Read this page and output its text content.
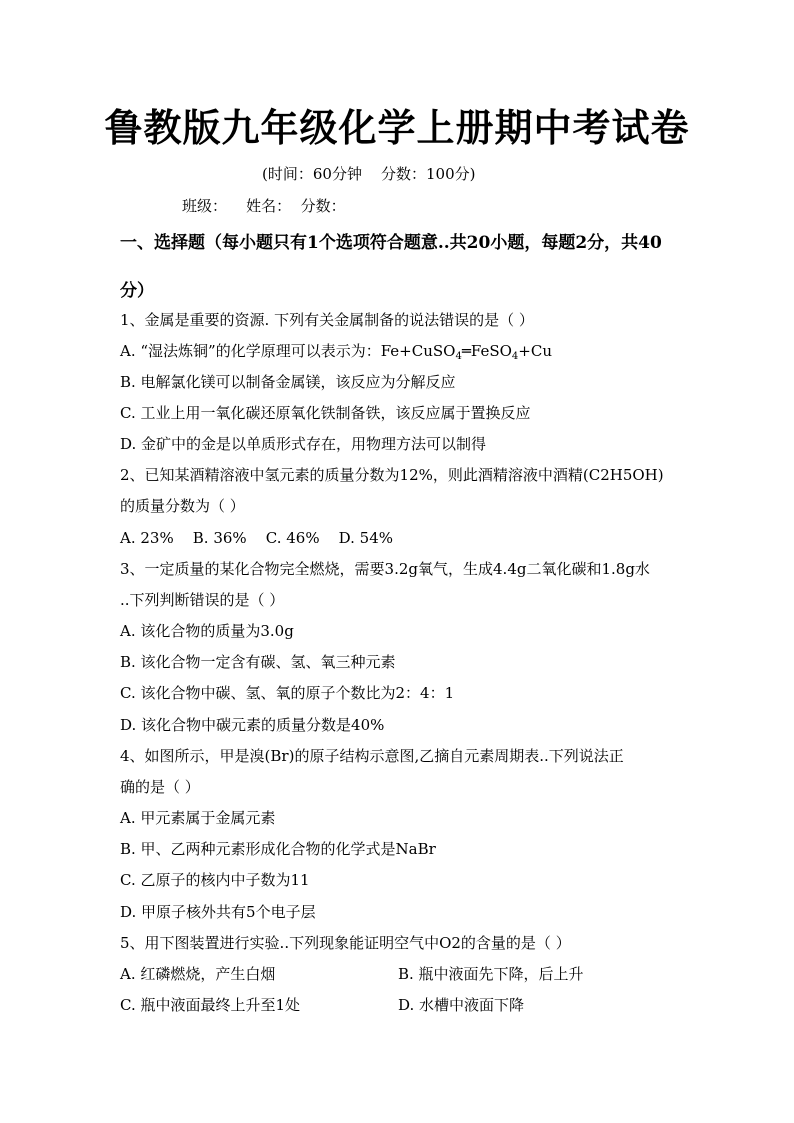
鲁教版九年级化学上册期中考试卷
(时间：60分钟    分数：100分)
班级：    姓名：  分数：
一、选择题（每小题只有1个选项符合题意..共20小题，每题2分，共40分）
1、金属是重要的资源. 下列有关金属制备的说法错误的是（ ）
A. “湿法炼铜”的化学原理可以表示为：Fe+CuSO$_4$═FeSO$_4$+Cu
B. 电解氯化镁可以制备金属镁，该反应为分解反应
C. 工业上用一氧化碳还原氧化铁制备铁，该反应属于置换反应
D. 金矿中的金是以单质形式存在，用物理方法可以制得
2、已知某酒精溶液中氢元素的质量分数为12%，则此酒精溶液中酒精(C2H5OH)
的质量分数为（ ）
A. 23%    B. 36%    C. 46%    D. 54%
3、一定质量的某化合物完全燃烧，需要3.2g氧气，生成4.4g二氧化碳和1.8g水
..下列判断错误的是（ ）
A. 该化合物的质量为3.0g
B. 该化合物一定含有碳、氢、氧三种元素
C. 该化合物中碳、氢、氧的原子个数比为2：4：1
D. 该化合物中碳元素的质量分数是40%
4、如图所示，甲是溴(Br)的原子结构示意图,乙摘自元素周期表..下列说法正
确的是（ ）
A. 甲元素属于金属元素
B. 甲、乙两种元素形成化合物的化学式是NaBr
C. 乙原子的核内中子数为11
D. 甲原子核外共有5个电子层
5、用下图装置进行实验..下列现象能证明空气中O2的含量的是（ ）
A. 红磷燃烧，产生白烟	B. 瓶中液面先下降，后上升
C. 瓶中液面最终上升至1处	D. 水槽中液面下降
